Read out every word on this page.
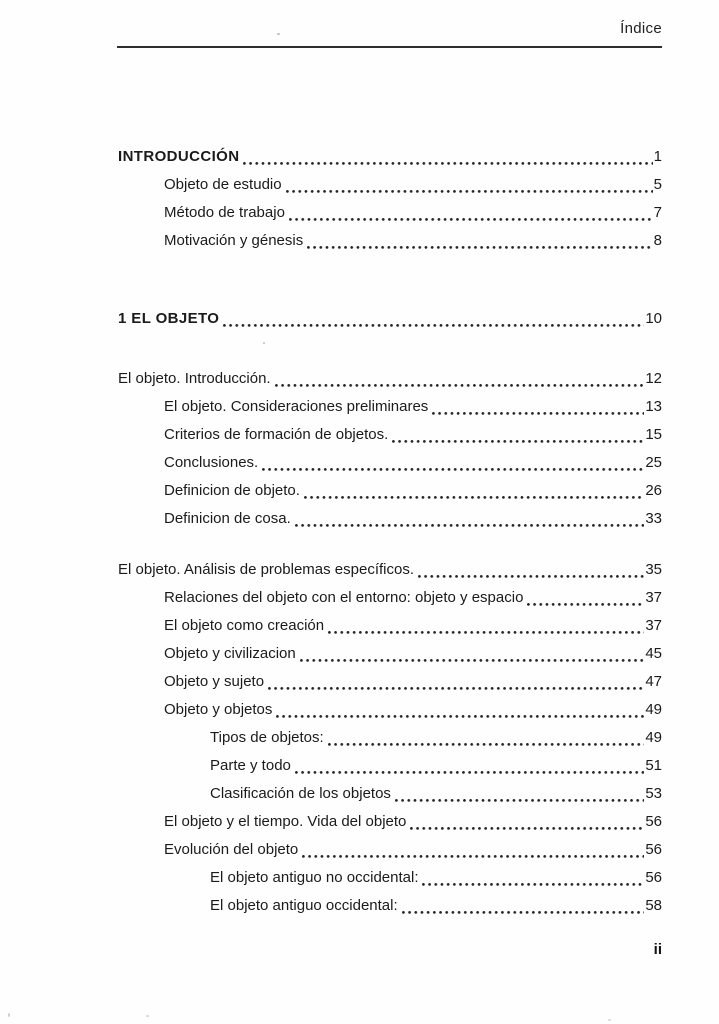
Índice
INTRODUCCIÓN	1
Objeto de estudio	5
Método de trabajo	7
Motivación y génesis	8
1 EL OBJETO	10
El objeto. Introducción.	12
El objeto. Consideraciones preliminares	13
Criterios de formación de objetos.	15
Conclusiones.	25
Definicion de objeto.	26
Definicion de cosa.	33
El objeto. Análisis de problemas específicos.	35
Relaciones del objeto con el entorno: objeto y espacio	37
El objeto como creación	37
Objeto y civilizacion	45
Objeto y sujeto	47
Objeto y objetos	49
Tipos de objetos:	49
Parte y todo	51
Clasificación de los objetos	53
El objeto y el tiempo. Vida del objeto	56
Evolución del objeto	56
El objeto antiguo no occidental:	56
El objeto antiguo occidental:	58
ii
